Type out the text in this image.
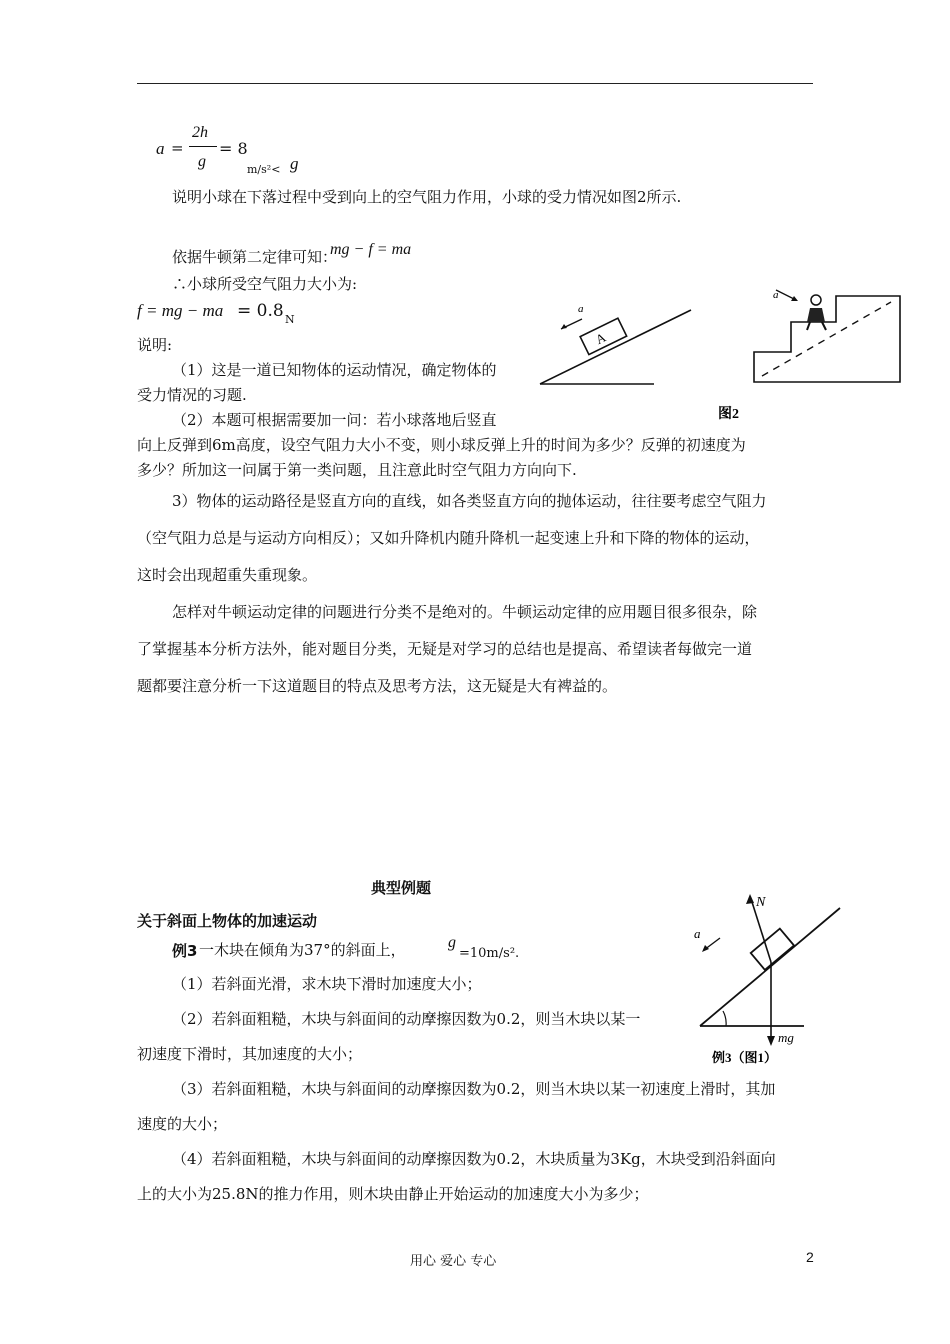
a =
2h
g
= 8
m/s²< g
说明小球在下落过程中受到向上的空气阻力作用，小球的受力情况如图2所示.
依据牛顿第二定律可知：
mg − f = ma
∴小球所受空气阻力大小为:
f = mg − ma = 0.8 N
说明:
（1）这是一道已知物体的运动情况，确定物体的
受力情况的习题.
（2）本题可根据需要加一问：若小球落地后竖直
向上反弹到6m高度，设空气阻力大小不变，则小球反弹上升的时间为多少？反弹的初速度为
多少？所加这一问属于第一类问题，且注意此时空气阻力方向向下.
3）物体的运动路径是竖直方向的直线，如各类竖直方向的抛体运动，往往要考虑空气阻力
（空气阻力总是与运动方向相反）；又如升降机内随升降机一起变速上升和下降的物体的运动，
这时会出现超重失重现象。
怎样对牛顿运动定律的问题进行分类不是绝对的。牛顿运动定律的应用题目很多很杂，除
了掌握基本分析方法外，能对题目分类，无疑是对学习的总结也是提高、希望读者每做完一道
题都要注意分析一下这道题目的特点及思考方法，这无疑是大有裨益的。
A
a
a
图2
典型例题
关于斜面上物体的加速运动
例3 一木块在倾角为37°的斜面上，	g
=10m/s².
（1）若斜面光滑，求木块下滑时加速度大小；
（2）若斜面粗糙，木块与斜面间的动摩擦因数为0.2，则当木块以某一
初速度下滑时，其加速度的大小；
（3）若斜面粗糙，木块与斜面间的动摩擦因数为0.2，则当木块以某一初速度上滑时，其加
速度的大小；
（4）若斜面粗糙，木块与斜面间的动摩擦因数为0.2，木块质量为3Kg，木块受到沿斜面向
上的大小为25.8N的推力作用，则木块由静止开始运动的加速度大小为多少；
N
mg
a
例3（图1）
用心 爱心 专心	2
